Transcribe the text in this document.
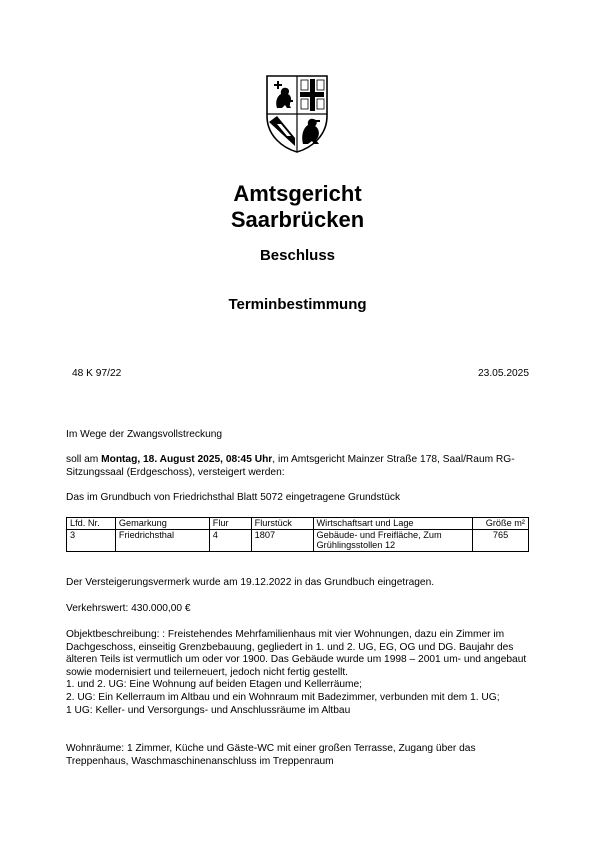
Amtsgericht
Saarbrücken
Beschluss
Terminbestimmung
48 K 97/22	23.05.2025
Im Wege der Zwangsvollstreckung
soll am Montag, 18. August 2025, 08:45 Uhr, im Amtsgericht Mainzer Straße 178, Saal/Raum RG-Sitzungssaal (Erdgeschoss), versteigert werden:
Das im Grundbuch von Friedrichsthal Blatt 5072 eingetragene Grundstück
Lfd. Nr.	Gemarkung	Flur	Flurstück	Wirtschaftsart und Lage	Größe m²
3	Friedrichsthal	4	1807	Gebäude- und Freifläche, Zum Grühlingsstollen 12	765
Der Versteigerungsvermerk wurde am 19.12.2022 in das Grundbuch eingetragen.
Verkehrswert: 430.000,00 €
Objektbeschreibung: : Freistehendes Mehrfamilienhaus mit vier Wohnungen, dazu ein Zimmer im Dachgeschoss, einseitig Grenzbebauung, gegliedert in 1. und 2. UG, EG, OG und DG. Baujahr des älteren Teils ist vermutlich um oder vor 1900. Das Gebäude wurde um 1998 – 2001 um- und angebaut sowie modernisiert und teilerneuert, jedoch nicht fertig gestellt.
1. und 2. UG: Eine Wohnung auf beiden Etagen und Kellerräume;
2. UG: Ein Kellerraum im Altbau und ein Wohnraum mit Badezimmer, verbunden mit dem 1. UG;
1 UG: Keller- und Versorgungs- und Anschlussräume im Altbau
Wohnräume: 1 Zimmer, Küche und Gäste-WC mit einer großen Terrasse, Zugang über das Treppenhaus, Waschmaschinenanschluss im Treppenraum
